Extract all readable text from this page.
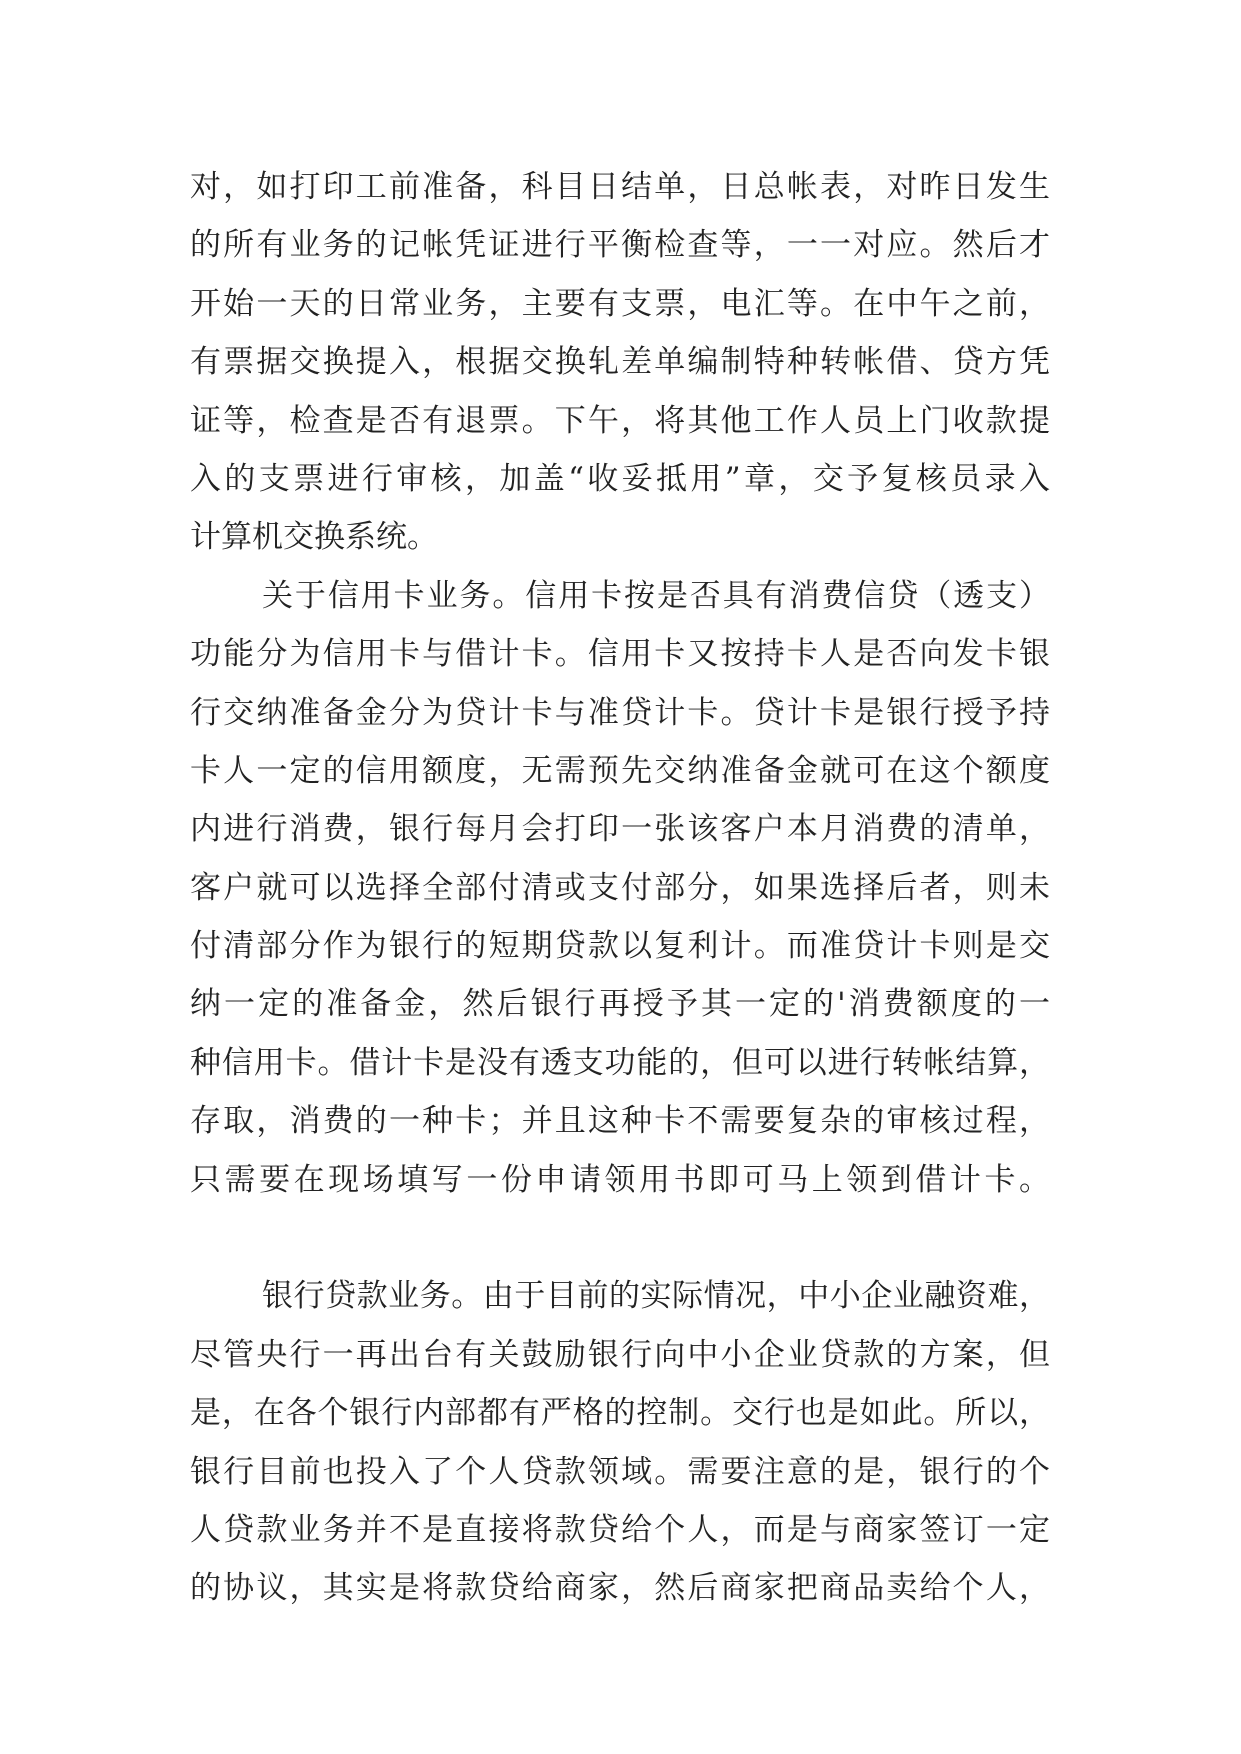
对，如打印工前准备，科目日结单，日总帐表，对昨日发生
的所有业务的记帐凭证进行平衡检查等，一一对应。然后才
开始一天的日常业务，主要有支票，电汇等。在中午之前，
有票据交换提入，根据交换轧差单编制特种转帐借、贷方凭
证等，检查是否有退票。下午，将其他工作人员上门收款提
入的支票进行审核，加盖“收妥抵用”章，交予复核员录入
计算机交换系统。
关于信用卡业务。信用卡按是否具有消费信贷（透支）
功能分为信用卡与借计卡。信用卡又按持卡人是否向发卡银
行交纳准备金分为贷计卡与准贷计卡。贷计卡是银行授予持
卡人一定的信用额度，无需预先交纳准备金就可在这个额度
内进行消费，银行每月会打印一张该客户本月消费的清单，
客户就可以选择全部付清或支付部分，如果选择后者，则未
付清部分作为银行的短期贷款以复利计。而准贷计卡则是交
纳一定的准备金，然后银行再授予其一定的'消费额度的一
种信用卡。借计卡是没有透支功能的，但可以进行转帐结算，
存取，消费的一种卡；并且这种卡不需要复杂的审核过程，
只需要在现场填写一份申请领用书即可马上领到借计卡。
银行贷款业务。由于目前的实际情况，中小企业融资难，
尽管央行一再出台有关鼓励银行向中小企业贷款的方案，但
是，在各个银行内部都有严格的控制。交行也是如此。所以，
银行目前也投入了个人贷款领域。需要注意的是，银行的个
人贷款业务并不是直接将款贷给个人，而是与商家签订一定
的协议，其实是将款贷给商家，然后商家把商品卖给个人，
